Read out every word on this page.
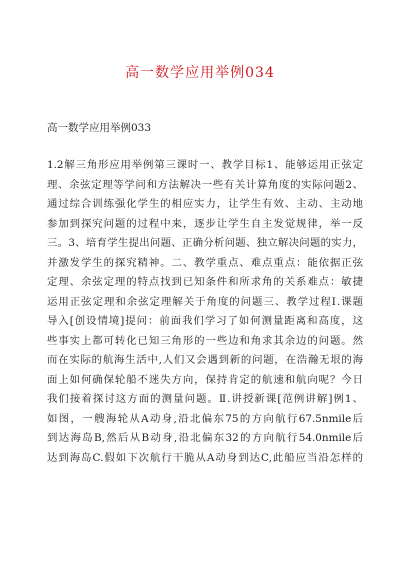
高一数学应用举例034
高一数学应用举例033
1.2解三角形应用举例第三课时一、教学目标1、能够运用正弦定
理、余弦定理等学问和方法解决一些有关计算角度的实际问题2、
通过综合训练强化学生的相应实力，让学生有效、主动、主动地
参加到探究问题的过程中来，逐步让学生自主发觉规律，举一反
三。3、培育学生提出问题、正确分析问题、独立解决问题的实力，
并激发学生的探究精神。二、教学重点、难点重点：能依据正弦
定理、余弦定理的特点找到已知条件和所求角的关系难点：敏捷
运用正弦定理和余弦定理解关于角度的问题三、教学过程Ⅰ.课题
导入[创设情境]提问：前面我们学习了如何测量距离和高度，这
些事实上都可转化已知三角形的一些边和角求其余边的问题。然
而在实际的航海生活中,人们又会遇到新的问题，在浩瀚无垠的海
面上如何确保轮船不迷失方向，保持肯定的航速和航向呢？今日
我们接着探讨这方面的测量问题。Ⅱ.讲授新课[范例讲解]例1、
如图，一艘海轮从A动身,沿北偏东75的方向航行67.5nmile后
到达海岛B,然后从B动身,沿北偏东32的方向航行54.0nmile后
达到海岛C.假如下次航行干脆从A动身到达C,此船应当沿怎样的
